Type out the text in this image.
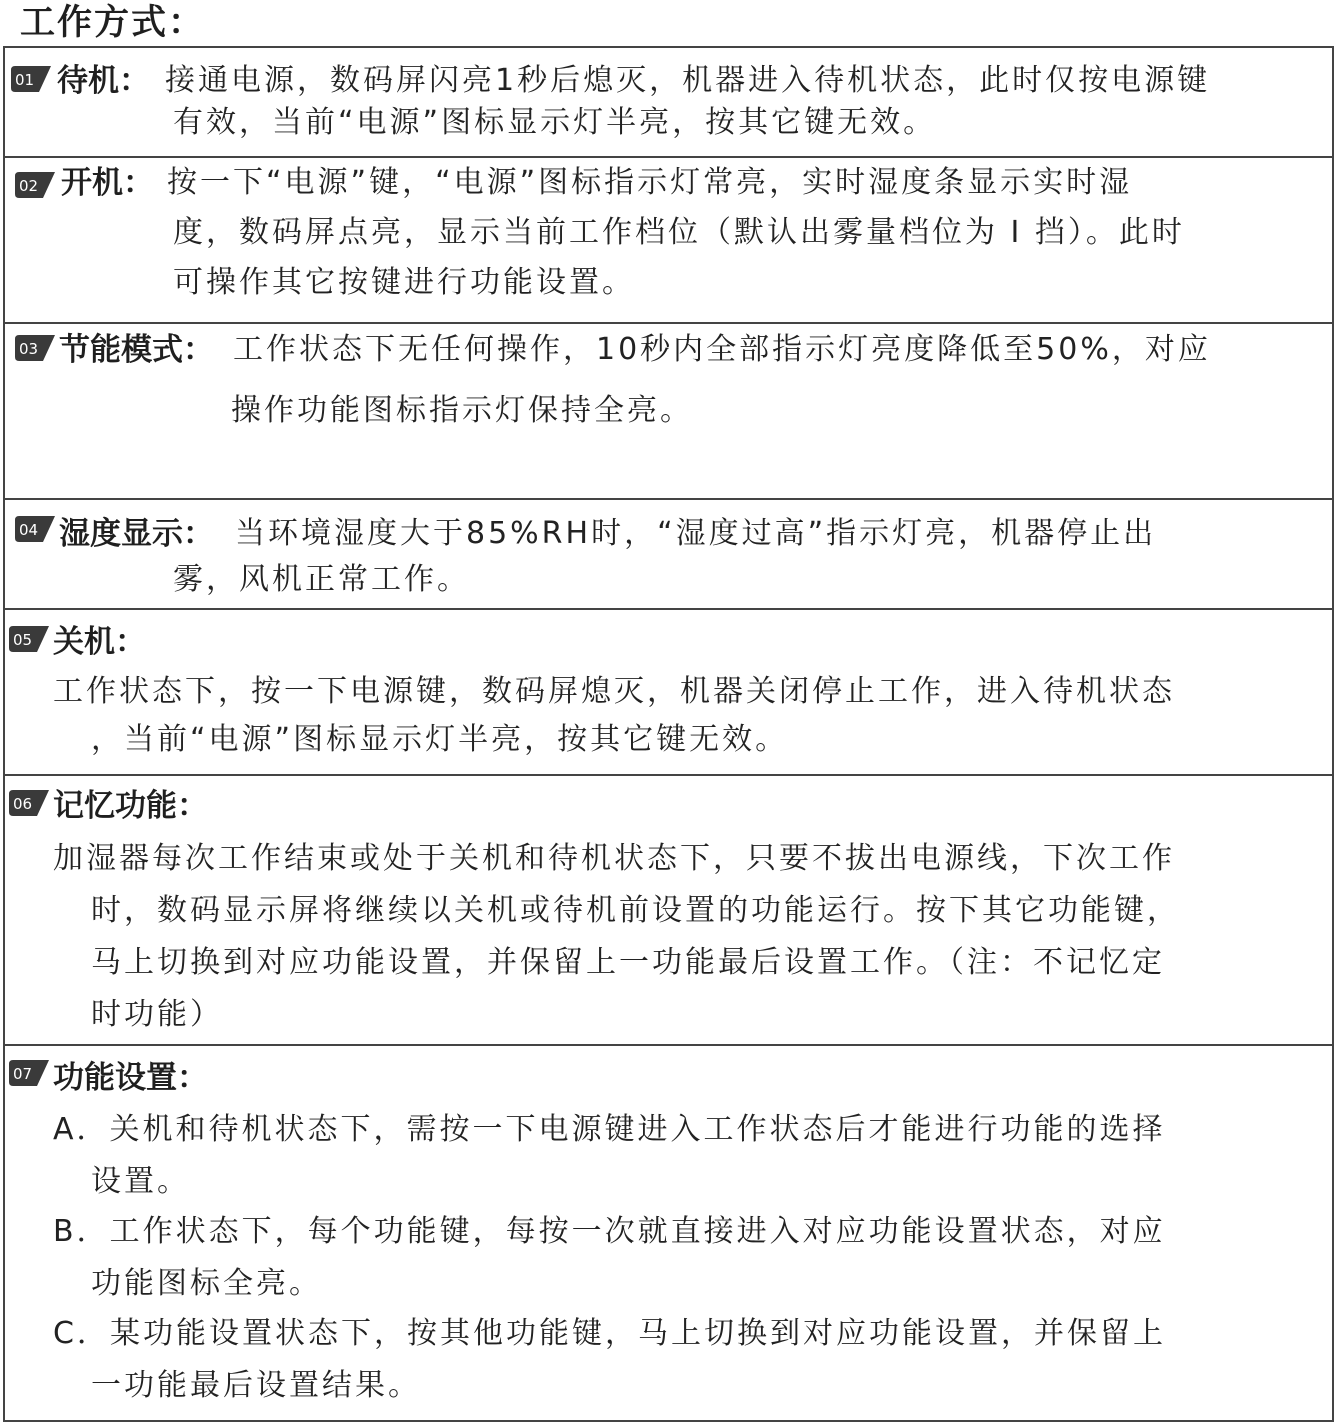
工作方式：
01 待机： 接通电源，数码屏闪亮1秒后熄灭，机器进入待机状态，此时仅按电源键
有效，当前“电源”图标显示灯半亮，按其它键无效。
02 开机： 按一下“电源”键，“电源”图标指示灯常亮，实时湿度条显示实时湿
度，数码屏点亮，显示当前工作档位（默认出雾量档位为 Ⅰ 挡）。此时
可操作其它按键进行功能设置。
03 节能模式： 工作状态下无任何操作，10秒内全部指示灯亮度降低至50%，对应
操作功能图标指示灯保持全亮。
04 湿度显示： 当环境湿度大于85%RH时，“湿度过高”指示灯亮，机器停止出
雾，风机正常工作。
05 关机：
工作状态下，按一下电源键，数码屏熄灭，机器关闭停止工作，进入待机状态
，当前“电源”图标显示灯半亮，按其它键无效。
06 记忆功能：
加湿器每次工作结束或处于关机和待机状态下，只要不拔出电源线，下次工作
时，数码显示屏将继续以关机或待机前设置的功能运行。按下其它功能键，
马上切换到对应功能设置，并保留上一功能最后设置工作。（注：不记忆定
时功能）
07 功能设置：
A．关机和待机状态下，需按一下电源键进入工作状态后才能进行功能的选择
设置。
B．工作状态下，每个功能键，每按一次就直接进入对应功能设置状态，对应
功能图标全亮。
C．某功能设置状态下，按其他功能键，马上切换到对应功能设置，并保留上
一功能最后设置结果。
